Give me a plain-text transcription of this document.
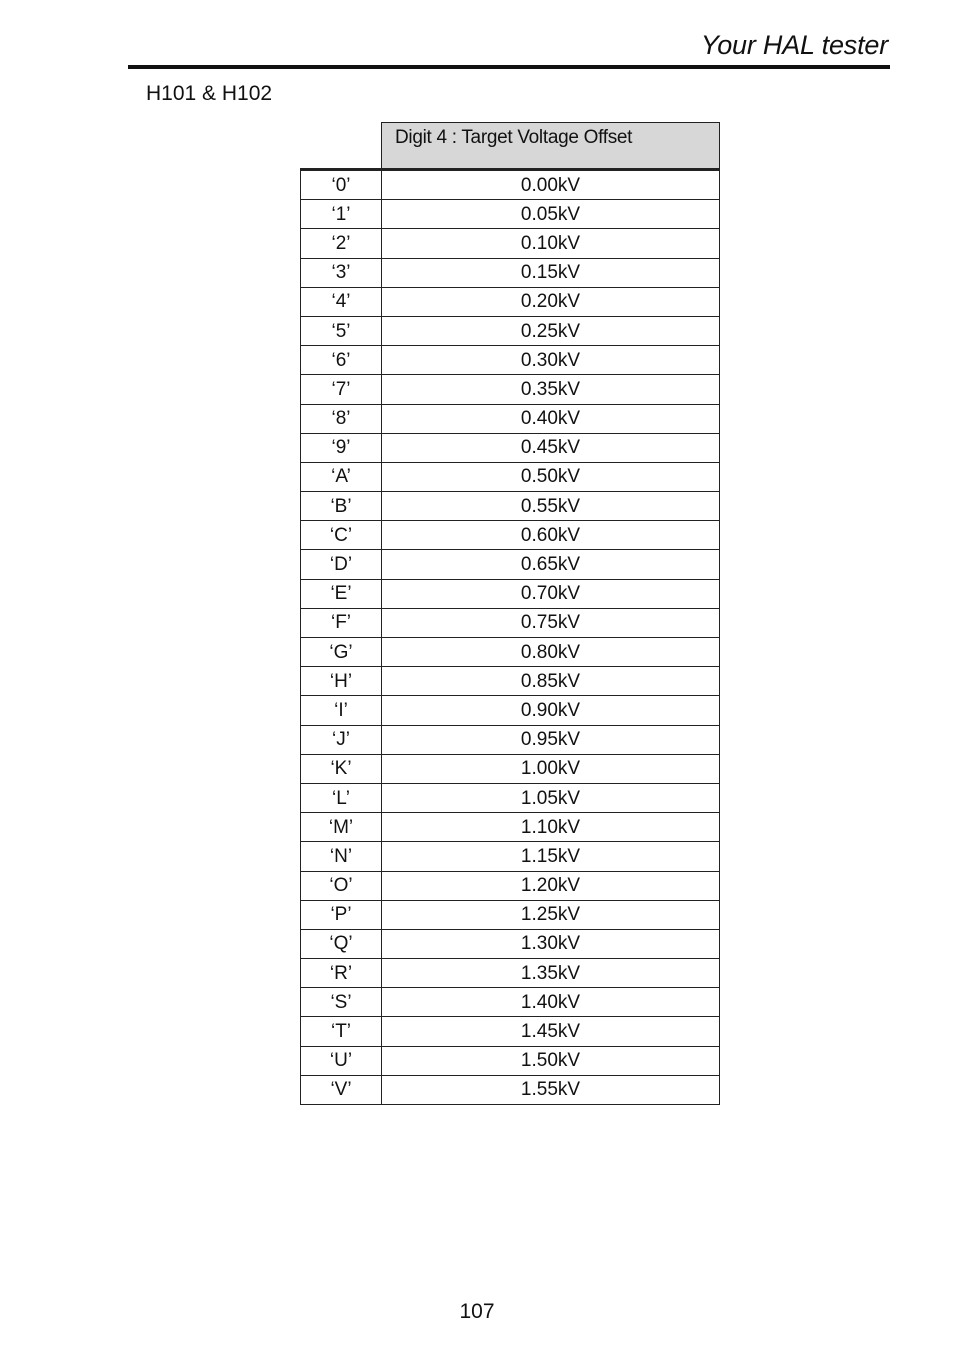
Your HAL tester
H101 & H102
	Digit 4 : Target Voltage Offset
‘0’	0.00kV
‘1’	0.05kV
‘2’	0.10kV
‘3’	0.15kV
‘4’	0.20kV
‘5’	0.25kV
‘6’	0.30kV
‘7’	0.35kV
‘8’	0.40kV
‘9’	0.45kV
‘A’	0.50kV
‘B’	0.55kV
‘C’	0.60kV
‘D’	0.65kV
‘E’	0.70kV
‘F’	0.75kV
‘G’	0.80kV
‘H’	0.85kV
‘I’	0.90kV
‘J’	0.95kV
‘K’	1.00kV
‘L’	1.05kV
‘M’	1.10kV
‘N’	1.15kV
‘O’	1.20kV
‘P’	1.25kV
‘Q’	1.30kV
‘R’	1.35kV
‘S’	1.40kV
‘T’	1.45kV
‘U’	1.50kV
‘V’	1.55kV
107
